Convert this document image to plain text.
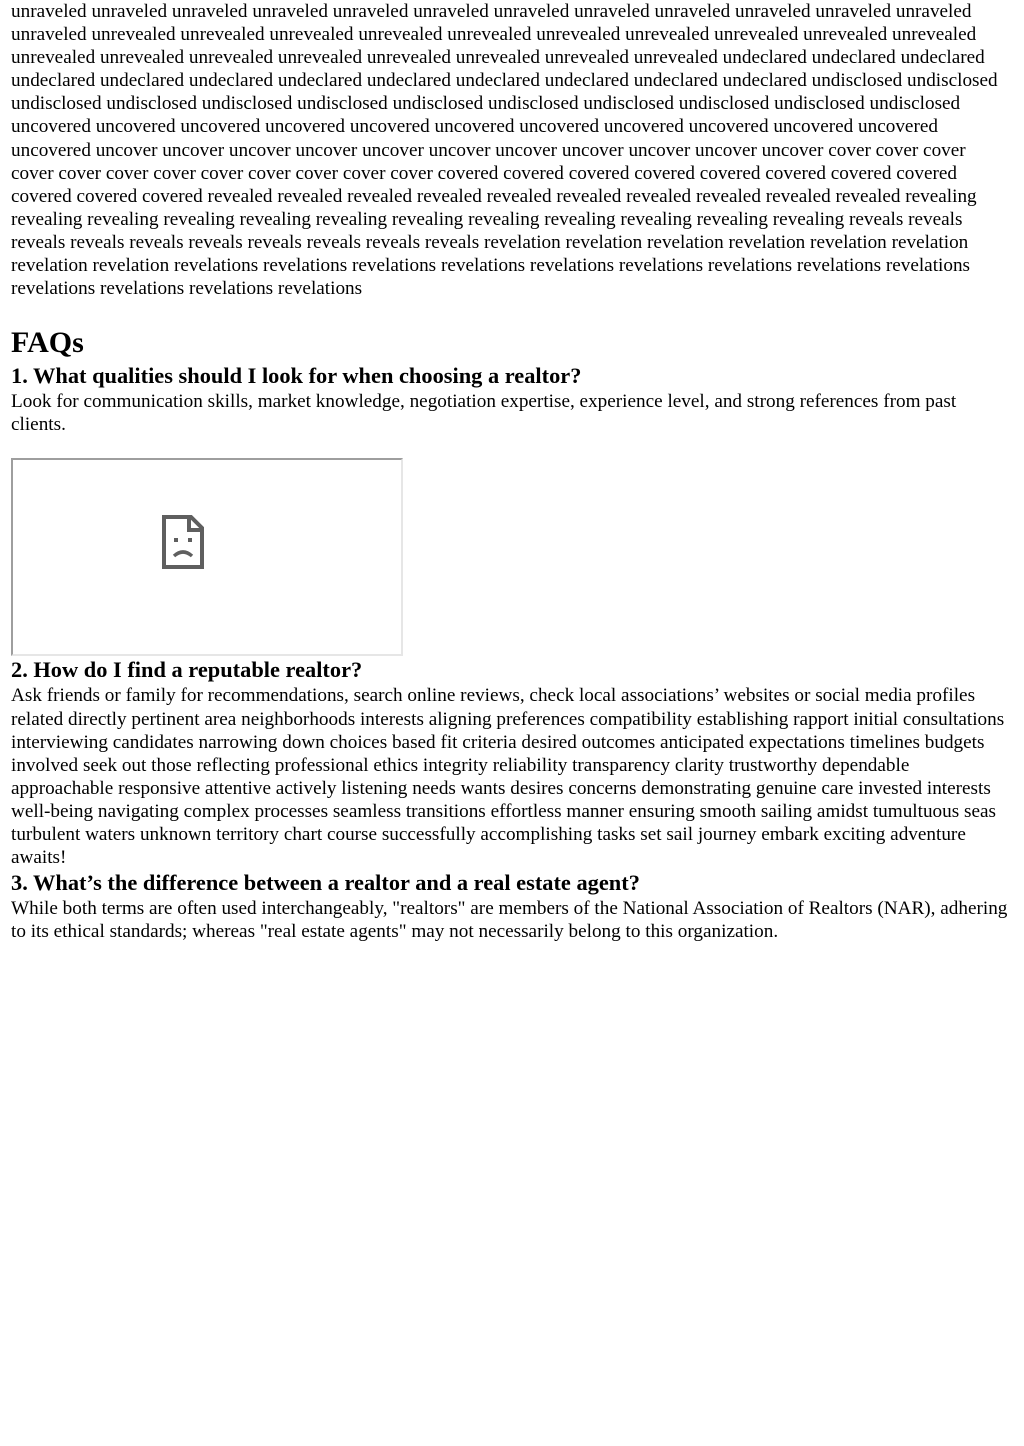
unraveled unraveled unraveled unraveled unraveled unraveled unraveled unraveled unraveled unraveled unraveled unraveled unraveled unrevealed unrevealed unrevealed unrevealed unrevealed unrevealed unrevealed unrevealed unrevealed unrevealed unrevealed unrevealed unrevealed unrevealed unrevealed unrevealed unrevealed unrevealed undeclared undeclared undeclared undeclared undeclared undeclared undeclared undeclared undeclared undeclared undeclared undeclared undisclosed undisclosed undisclosed undisclosed undisclosed undisclosed undisclosed undisclosed undisclosed undisclosed undisclosed undisclosed uncovered uncovered uncovered uncovered uncovered uncovered uncovered uncovered uncovered uncovered uncovered uncovered uncover uncover uncover uncover uncover uncover uncover uncover uncover uncover uncover cover cover cover cover cover cover cover cover cover cover cover cover covered covered covered covered covered covered covered covered covered covered covered revealed revealed revealed revealed revealed revealed revealed revealed revealed revealed revealing revealing revealing revealing revealing revealing revealing revealing revealing revealing revealing revealing reveals reveals reveals reveals reveals reveals reveals reveals reveals reveals revelation revelation revelation revelation revelation revelation revelation revelation revelations revelations revelations revelations revelations revelations revelations revelations revelations revelations revelations revelations revelations

FAQs
1. What qualities should I look for when choosing a realtor?

Look for communication skills, market knowledge, negotiation expertise, experience level, and strong references from past clients.

2. How do I find a reputable realtor?

Ask friends or family for recommendations, search online reviews, check local associations’ websites or social media profiles related directly pertinent area neighborhoods interests aligning preferences compatibility establishing rapport initial consultations interviewing candidates narrowing down choices based fit criteria desired outcomes anticipated expectations timelines budgets involved seek out those reflecting professional ethics integrity reliability transparency clarity trustworthy dependable approachable responsive attentive actively listening needs wants desires concerns demonstrating genuine care invested interests well-being navigating complex processes seamless transitions effortless manner ensuring smooth sailing amidst tumultuous seas turbulent waters unknown territory chart course successfully accomplishing tasks set sail journey embark exciting adventure awaits!

3. What’s the difference between a realtor and a real estate agent?

While both terms are often used interchangeably, "realtors" are members of the National Association of Realtors (NAR), adhering to its ethical standards; whereas "real estate agents" may not necessarily belong to this organization.
